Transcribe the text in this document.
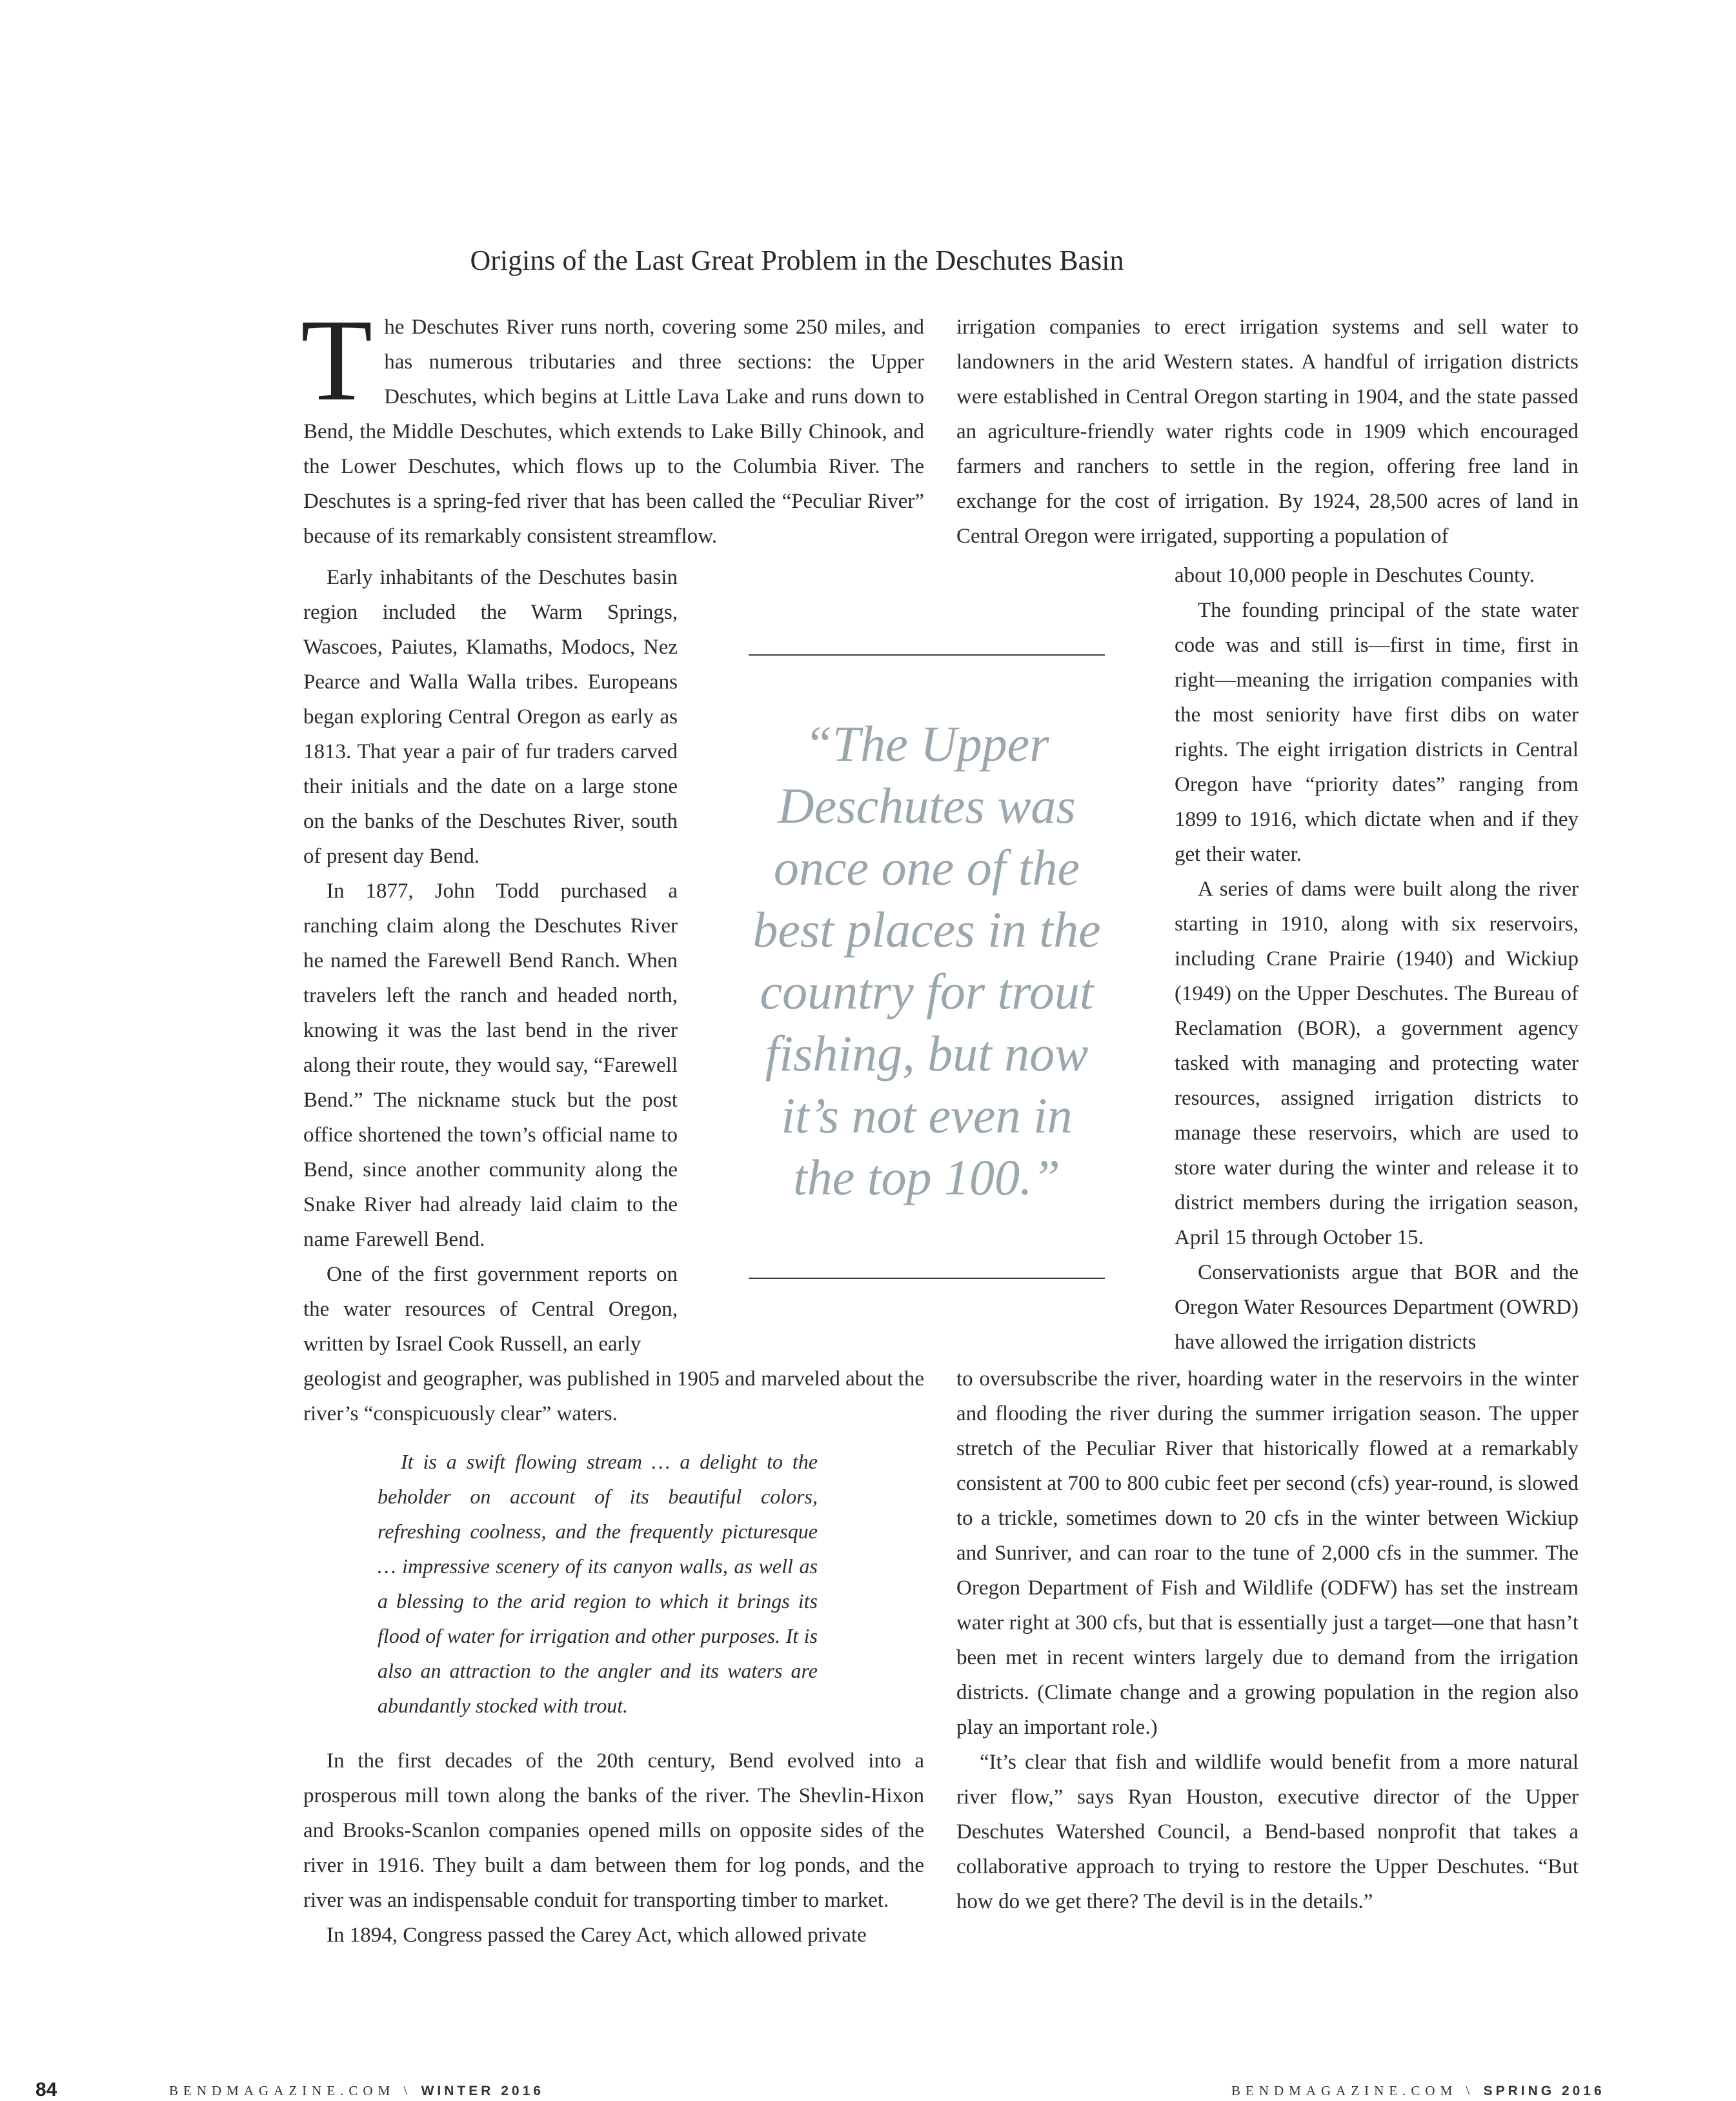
Origins of the Last Great Problem in the Deschutes Basin

The Deschutes River runs north, covering some 250 miles, and has numerous tributaries and three sections: the Upper Deschutes, which begins at Little Lava Lake and runs down to Bend, the Middle Deschutes, which extends to Lake Billy Chinook, and the Lower Deschutes, which flows up to the Columbia River. The Deschutes is a spring-fed river that has been called the “Peculiar River” because of its remarkably consistent streamflow.

Early inhabitants of the Deschutes basin region included the Warm Springs, Wascoes, Paiutes, Klamaths, Modocs, Nez Pearce and Walla Walla tribes. Europeans began exploring Central Oregon as early as 1813. That year a pair of fur traders carved their initials and the date on a large stone on the banks of the Deschutes River, south of present day Bend.

In 1877, John Todd purchased a ranching claim along the Deschutes River he named the Farewell Bend Ranch. When travelers left the ranch and headed north, knowing it was the last bend in the river along their route, they would say, “Farewell Bend.” The nickname stuck but the post office shortened the town’s official name to Bend, since another community along the Snake River had already laid claim to the name Farewell Bend.

One of the first government reports on the water resources of Central Oregon, written by Israel Cook Russell, an early

geologist and geographer, was published in 1905 and marveled about the river’s “conspicuously clear” waters.

It is a swift flowing stream … a delight to the beholder on account of its beautiful colors, refreshing coolness, and the frequently picturesque … impressive scenery of its canyon walls, as well as a blessing to the arid region to which it brings its flood of water for irrigation and other purposes. It is also an attraction to the angler and its waters are abundantly stocked with trout.

In the first decades of the 20th century, Bend evolved into a prosperous mill town along the banks of the river. The Shevlin-Hixon and Brooks-Scanlon companies opened mills on opposite sides of the river in 1916. They built a dam between them for log ponds, and the river was an indispensable conduit for transporting timber to market.

In 1894, Congress passed the Carey Act, which allowed private

“The Upper Deschutes was once one of the best places in the country for trout fishing, but now it’s not even in the top 100.”

irrigation companies to erect irrigation systems and sell water to landowners in the arid Western states. A handful of irrigation districts were established in Central Oregon starting in 1904, and the state passed an agriculture-friendly water rights code in 1909 which encouraged farmers and ranchers to settle in the region, offering free land in exchange for the cost of irrigation. By 1924, 28,500 acres of land in Central Oregon were irrigated, supporting a population of

about 10,000 people in Deschutes County.

The founding principal of the state water code was and still is—first in time, first in right—meaning the irrigation companies with the most seniority have first dibs on water rights. The eight irrigation districts in Central Oregon have “priority dates” ranging from 1899 to 1916, which dictate when and if they get their water.

A series of dams were built along the river starting in 1910, along with six reservoirs, including Crane Prairie (1940) and Wickiup (1949) on the Upper Deschutes. The Bureau of Reclamation (BOR), a government agency tasked with managing and protecting water resources, assigned irrigation districts to manage these reservoirs, which are used to store water during the winter and release it to district members during the irrigation season, April 15 through October 15.

Conservationists argue that BOR and the Oregon Water Resources Department (OWRD) have allowed the irrigation districts

to oversubscribe the river, hoarding water in the reservoirs in the winter and flooding the river during the summer irrigation season. The upper stretch of the Peculiar River that historically flowed at a remarkably consistent at 700 to 800 cubic feet per second (cfs) year-round, is slowed to a trickle, sometimes down to 20 cfs in the winter between Wickiup and Sunriver, and can roar to the tune of 2,000 cfs in the summer. The Oregon Department of Fish and Wildlife (ODFW) has set the instream water right at 300 cfs, but that is essentially just a target—one that hasn’t been met in recent winters largely due to demand from the irrigation districts. (Climate change and a growing population in the region also play an important role.)

“It’s clear that fish and wildlife would benefit from a more natural river flow,” says Ryan Houston, executive director of the Upper Deschutes Watershed Council, a Bend-based nonprofit that takes a collaborative approach to trying to restore the Upper Deschutes. “But how do we get there? The devil is in the details.”

84	BENDMAGAZINE.COM \ WINTER 2016	BENDMAGAZINE.COM \ SPRING 2016
